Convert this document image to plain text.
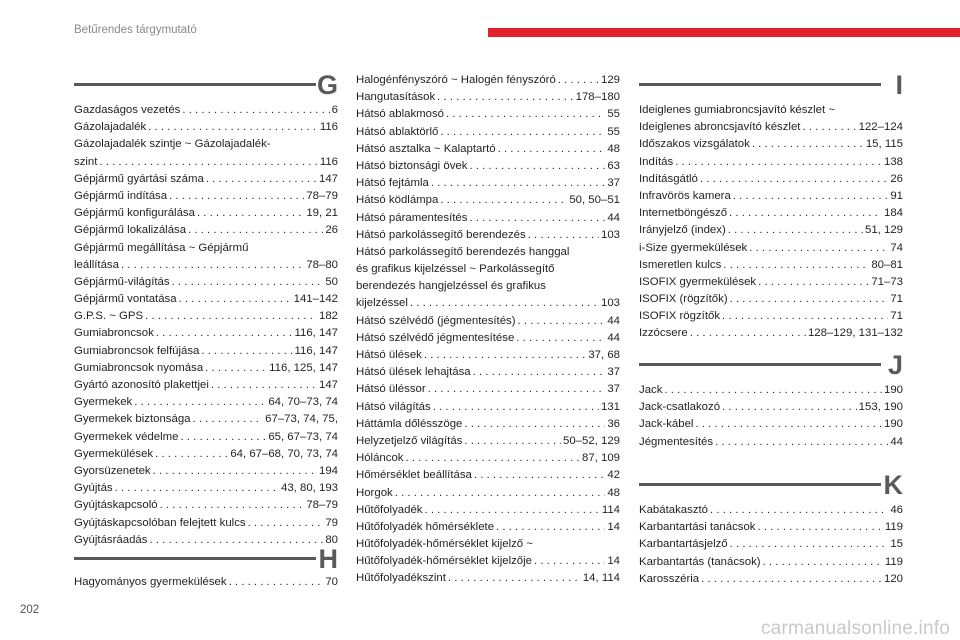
Betűrendes tárgymutató
G
Gazdaságos vezetés . . .	6
Gázolajadalék . . .	116
Gázolajadalék szintje ~ Gázolajadalék-
szint . . .	116
Gépjármű gyártási száma . . .	147
Gépjármű indítása . . .	78–79
Gépjármű konfigurálása . . .	19, 21
Gépjármű lokalizálása . . .	26
Gépjármű megállítása ~ Gépjármű
leállítása . . .	78–80
Gépjármű-világítás . . .	50
Gépjármű vontatása . . .	141–142
G.P.S. ~ GPS . . .	182
Gumiabroncsok . . .	116, 147
Gumiabroncsok felfújása . . .	116, 147
Gumiabroncsok nyomása . . .	116, 125, 147
Gyártó azonosító plakettjei . . .	147
Gyermekek . . .	64, 70–73, 74
Gyermekek biztonsága . . .	67–73, 74, 75,
Gyermekek védelme . . .	65, 67–73, 74
Gyermekülések . . .	64, 67–68, 70, 73, 74
Gyorsüzenetek . . .	194
Gyújtás . . .	43, 80, 193
Gyújtáskapcsoló . . .	78–79
Gyújtáskapcsolóban felejtett kulcs . . .	79
Gyújtásráadás . . .	80
H
Hagyományos gyermekülések . . .	70
Halogénfényszóró ~ Halogén fényszóró . . .	129
Hangutasítások . . .	178–180
Hátsó ablakmosó . . .	55
Hátsó ablaktörlő . . .	55
Hátsó asztalka ~ Kalaptartó . . .	48
Hátsó biztonsági övek . . .	63
Hátsó fejtámla . . .	37
Hátsó ködlámpa . . .	50, 50–51
Hátsó páramentesítés . . .	44
Hátsó parkolássegítő berendezés . . .	103
Hátsó parkolássegítő berendezés hanggal
és grafikus kijelzéssel ~ Parkolássegítő
berendezés hangjelzéssel és grafikus
kijelzéssel . . .	103
Hátsó szélvédő (jégmentesítés) . . .	44
Hátsó szélvédő jégmentesítése . . .	44
Hátsó ülések . . .	37, 68
Hátsó ülések lehajtása . . .	37
Hátsó üléssor . . .	37
Hátsó világítás . . .	131
Háttámla dőlésszöge . . .	36
Helyzetjelző világítás . . .	50–52, 129
Hóláncok . . .	87, 109
Hőmérséklet beállítása . . .	42
Horgok . . .	48
Hűtőfolyadék . . .	114
Hűtőfolyadék hőmérséklete . . .	14
Hűtőfolyadék-hőmérséklet kijelző ~
Hűtőfolyadék-hőmérséklet kijelzője . . .	14
Hűtőfolyadékszint . . .	14, 114
I
Ideiglenes gumiabroncsjavító készlet ~
Ideiglenes abroncsjavító készlet . . .	122–124
Időszakos vizsgálatok . . .	15, 115
Indítás . . .	138
Indításgátló . . .	26
Infravörös kamera . . .	91
Internetböngésző . . .	184
Irányjelző (index) . . .	51, 129
i-Size gyermekülések . . .	74
Ismeretlen kulcs . . .	80–81
ISOFIX gyermekülések . . .	71–73
ISOFIX (rögzítők) . . .	71
ISOFIX rögzítők . . .	71
Izzócsere . . .	128–129, 131–132
J
Jack . . .	190
Jack-csatlakozó . . .	153, 190
Jack-kábel . . .	190
Jégmentesítés . . .	44
K
Kabátakasztó . . .	46
Karbantartási tanácsok . . .	119
Karbantartásjelző . . .	15
Karbantartás (tanácsok) . . .	119
Karosszéria . . .	120
202
carmanualsonline.info
